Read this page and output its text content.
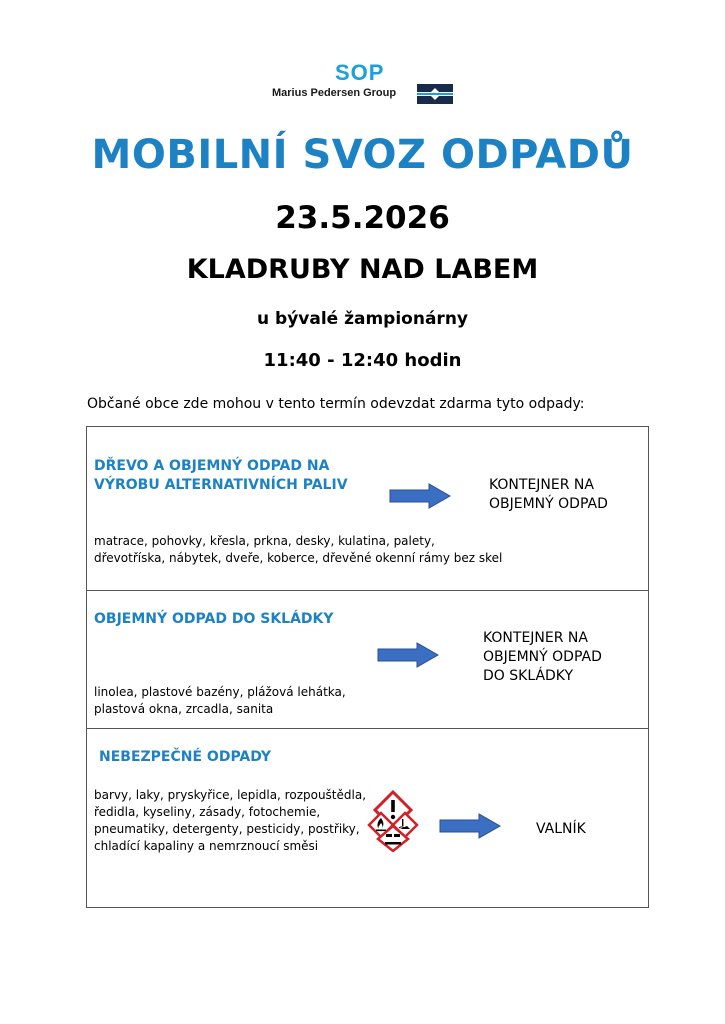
SOP
Marius Pedersen Group
MOBILNÍ SVOZ ODPADŮ
23.5.2026
KLADRUBY NAD LABEM
u bývalé žampionárny
11:40 - 12:40 hodin
Občané obce zde mohou v tento termín odevzdat zdarma tyto odpady:
DŘEVO A OBJEMNÝ ODPAD NA
VÝROBU ALTERNATIVNÍCH PALIV	KONTEJNER NA
OBJEMNÝ ODPAD
matrace, pohovky, křesla, prkna, desky, kulatina, palety,
dřevotříska, nábytek, dveře, koberce, dřevěné okenní rámy bez skel
OBJEMNÝ ODPAD DO SKLÁDKY
KONTEJNER NA
OBJEMNÝ ODPAD
DO SKLÁDKY
linolea, plastové bazény, plážová lehátka,
plastová okna, zrcadla, sanita
NEBEZPEČNÉ ODPADY
barvy, laky, pryskyřice, lepidla, rozpouštědla,
ředidla, kyseliny, zásady, fotochemie,
pneumatiky, detergenty, pesticidy, postřiky,
chladící kapaliny a nemrznoucí směsi
VALNÍK
